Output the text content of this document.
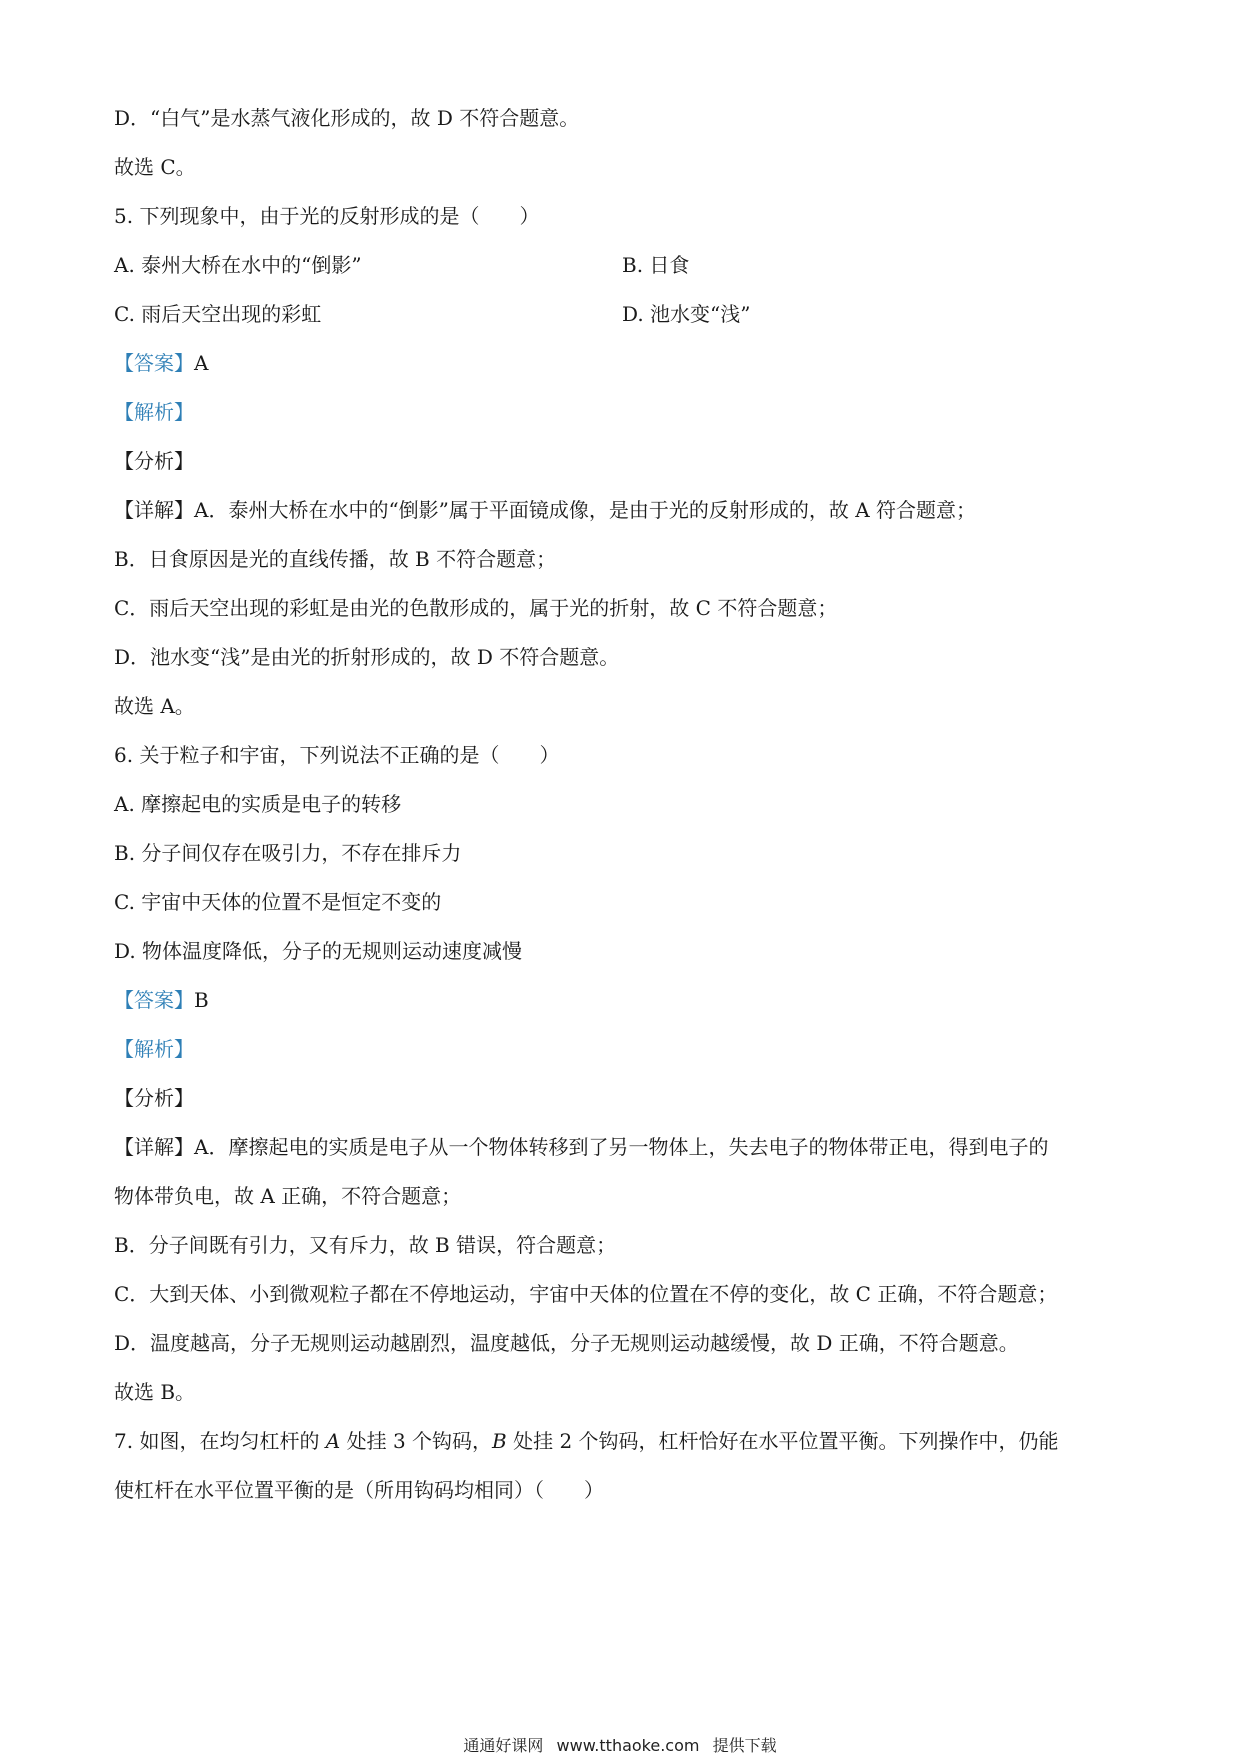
D．“白气”是水蒸气液化形成的，故 D 不符合题意。

故选 C。

5. 下列现象中，由于光的反射形成的是（　　）

A. 泰州大桥在水中的“倒影”	B. 日食

C. 雨后天空出现的彩虹	D. 池水变“浅”

【答案】A

【解析】

【分析】

【详解】A．泰州大桥在水中的“倒影”属于平面镜成像，是由于光的反射形成的，故 A 符合题意；

B．日食原因是光的直线传播，故 B 不符合题意；

C．雨后天空出现的彩虹是由光的色散形成的，属于光的折射，故 C 不符合题意；

D．池水变“浅”是由光的折射形成的，故 D 不符合题意。

故选 A。

6. 关于粒子和宇宙，下列说法不正确的是（　　）

A. 摩擦起电的实质是电子的转移

B. 分子间仅存在吸引力，不存在排斥力

C. 宇宙中天体的位置不是恒定不变的

D. 物体温度降低，分子的无规则运动速度减慢

【答案】B

【解析】

【分析】

【详解】A．摩擦起电的实质是电子从一个物体转移到了另一物体上，失去电子的物体带正电，得到电子的

物体带负电，故 A 正确，不符合题意；

B．分子间既有引力，又有斥力，故 B 错误，符合题意；

C．大到天体、小到微观粒子都在不停地运动，宇宙中天体的位置在不停的变化，故 C 正确，不符合题意；

D．温度越高，分子无规则运动越剧烈，温度越低，分子无规则运动越缓慢，故 D 正确，不符合题意。

故选 B。

7. 如图，在均匀杠杆的 A 处挂 3 个钩码，B 处挂 2 个钩码，杠杆恰好在水平位置平衡。下列操作中，仍能

使杠杆在水平位置平衡的是（所用钩码均相同）（　　）

通通好课网 www.tthaoke.com 提供下载
